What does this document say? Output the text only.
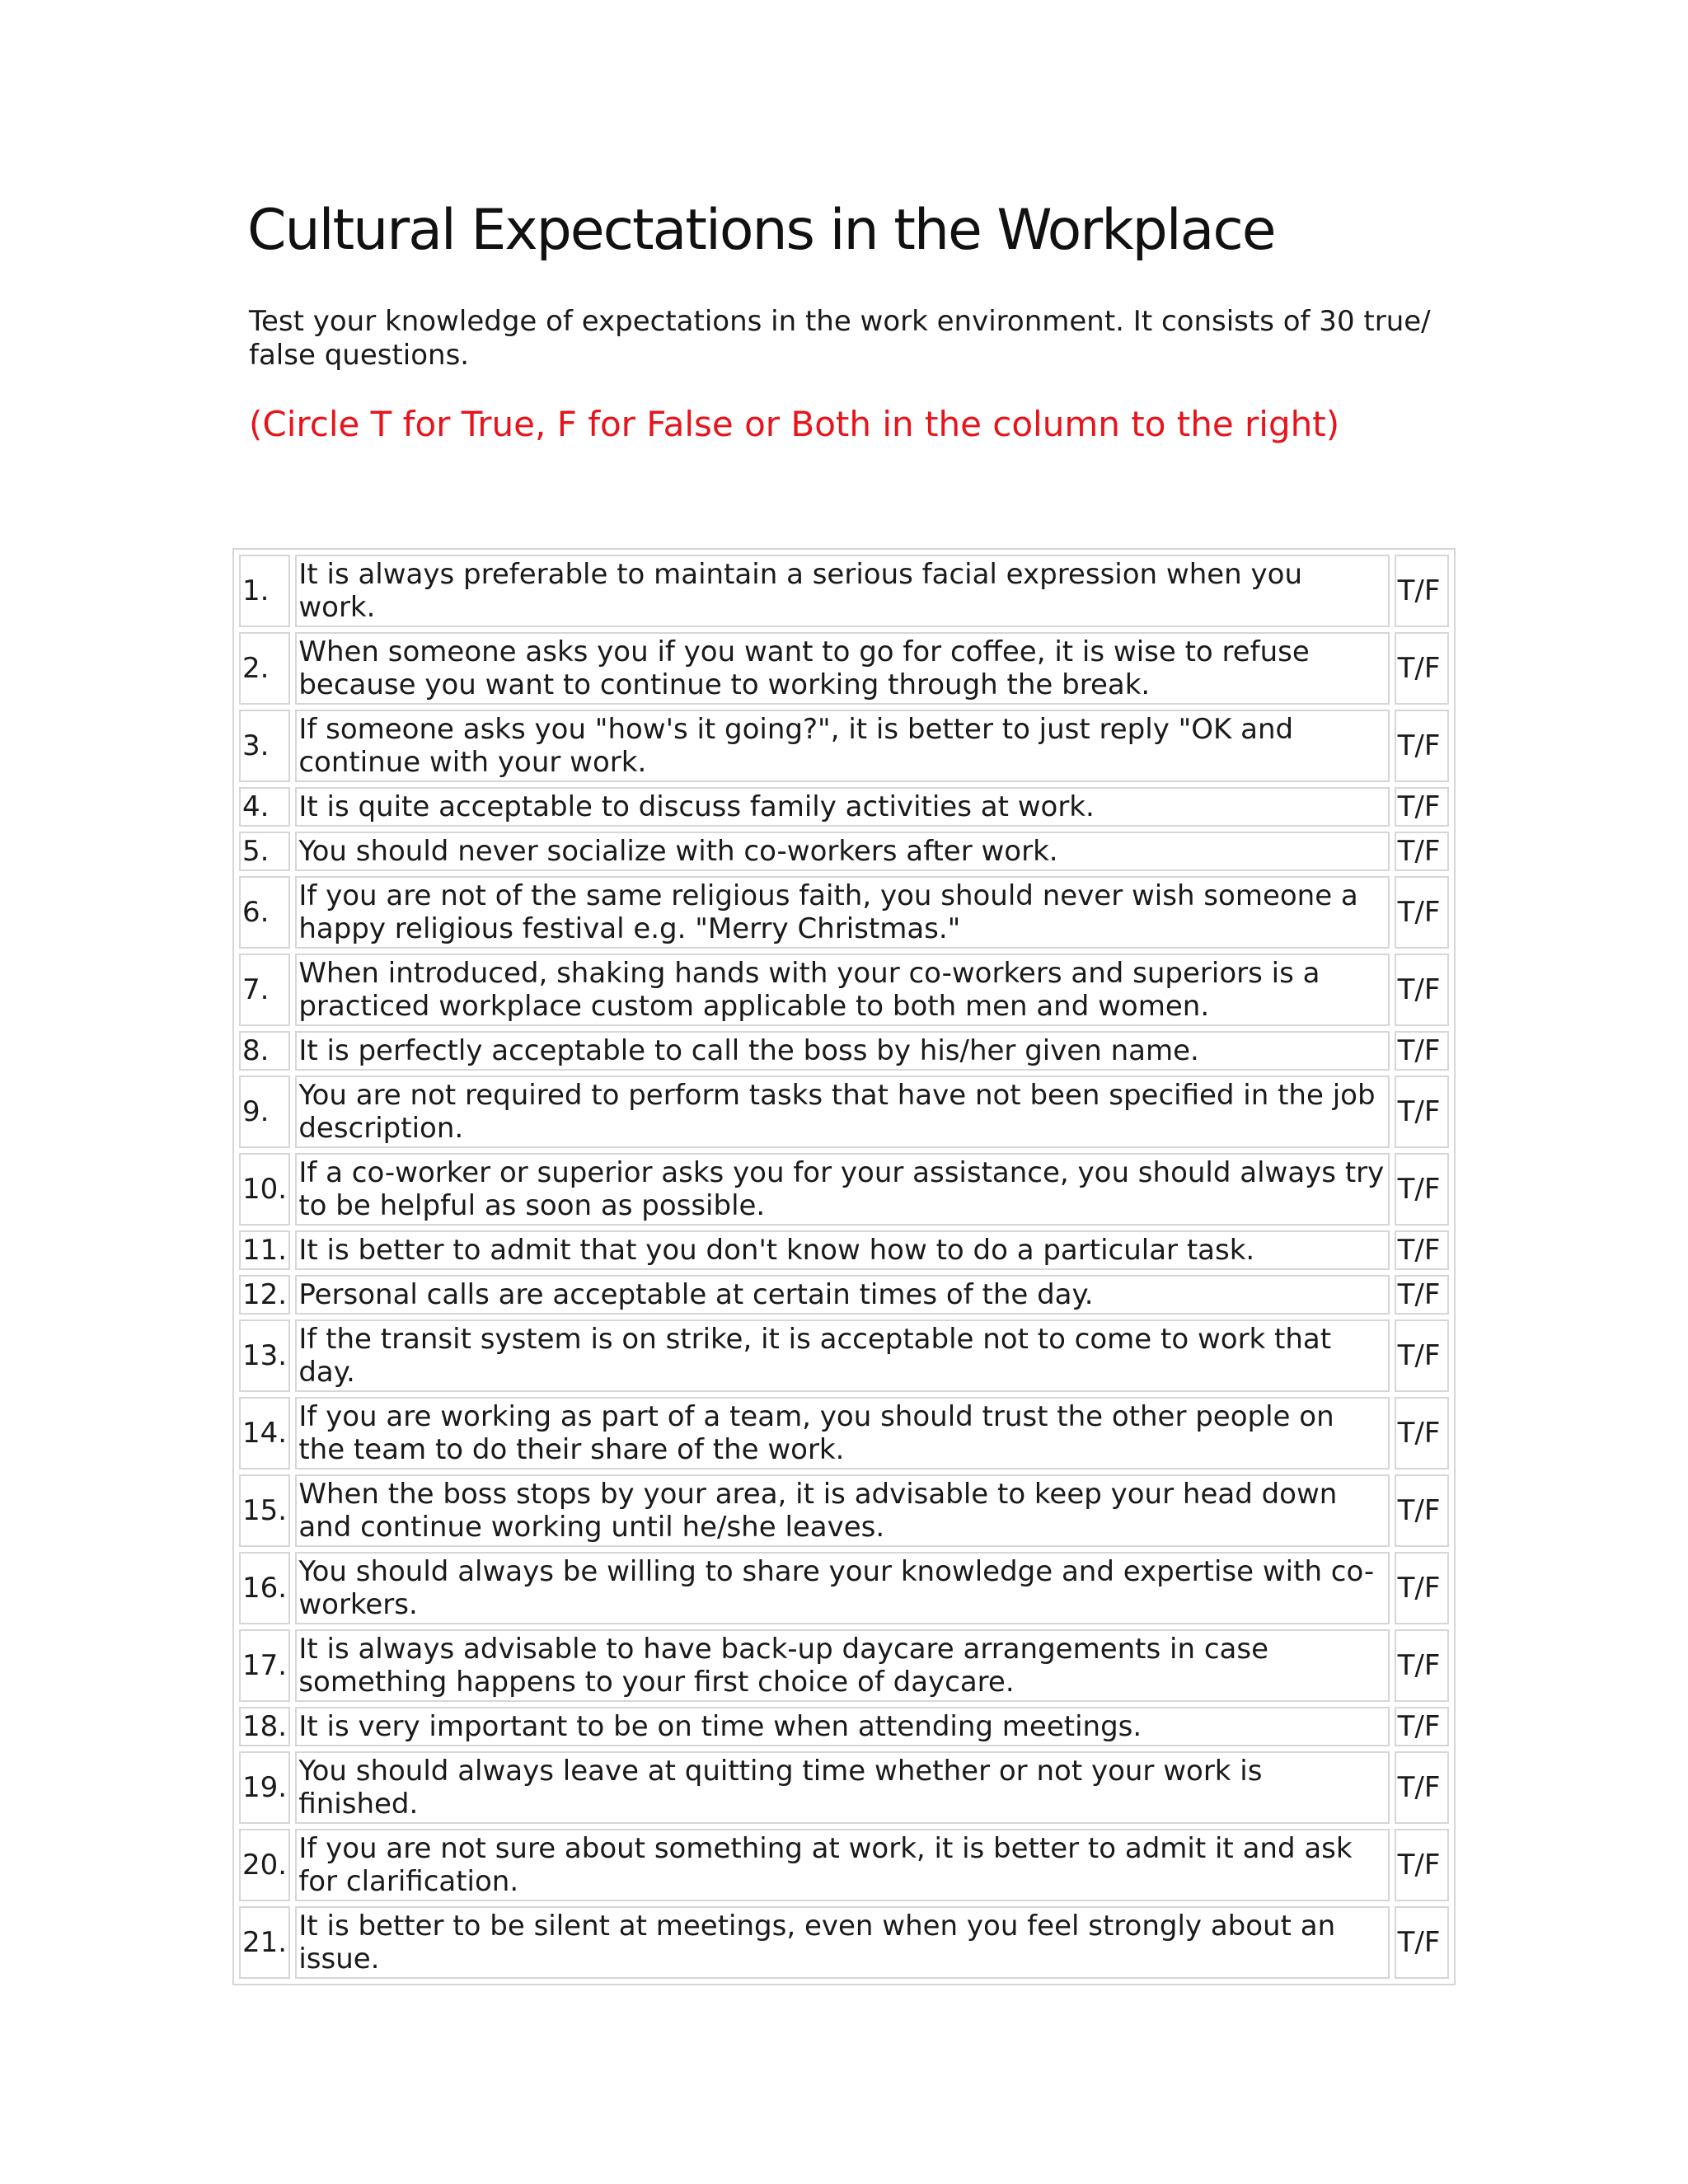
Cultural Expectations in the Workplace

Test your knowledge of expectations in the work environment. It consists of 30 true/ false questions.

(Circle T for True, F for False or Both in the column to the right)

1.	It is always preferable to maintain a serious facial expression when you work.	T/F
2.	When someone asks you if you want to go for coffee, it is wise to refuse because you want to continue to working through the break.	T/F
3.	If someone asks you "how's it going?", it is better to just reply "OK and continue with your work.	T/F
4.	It is quite acceptable to discuss family activities at work.	T/F
5.	You should never socialize with co-workers after work.	T/F
6.	If you are not of the same religious faith, you should never wish someone a happy religious festival e.g. "Merry Christmas."	T/F
7.	When introduced, shaking hands with your co-workers and superiors is a practiced workplace custom applicable to both men and women.	T/F
8.	It is perfectly acceptable to call the boss by his/her given name.	T/F
9.	You are not required to perform tasks that have not been specified in the job description.	T/F
10.	If a co-worker or superior asks you for your assistance, you should always try to be helpful as soon as possible.	T/F
11.	It is better to admit that you don't know how to do a particular task.	T/F
12.	Personal calls are acceptable at certain times of the day.	T/F
13.	If the transit system is on strike, it is acceptable not to come to work that day.	T/F
14.	If you are working as part of a team, you should trust the other people on the team to do their share of the work.	T/F
15.	When the boss stops by your area, it is advisable to keep your head down and continue working until he/she leaves.	T/F
16.	You should always be willing to share your knowledge and expertise with co-workers.	T/F
17.	It is always advisable to have back-up daycare arrangements in case something happens to your first choice of daycare.	T/F
18.	It is very important to be on time when attending meetings.	T/F
19.	You should always leave at quitting time whether or not your work is finished.	T/F
20.	If you are not sure about something at work, it is better to admit it and ask for clarification.	T/F
21.	It is better to be silent at meetings, even when you feel strongly about an issue.	T/F
